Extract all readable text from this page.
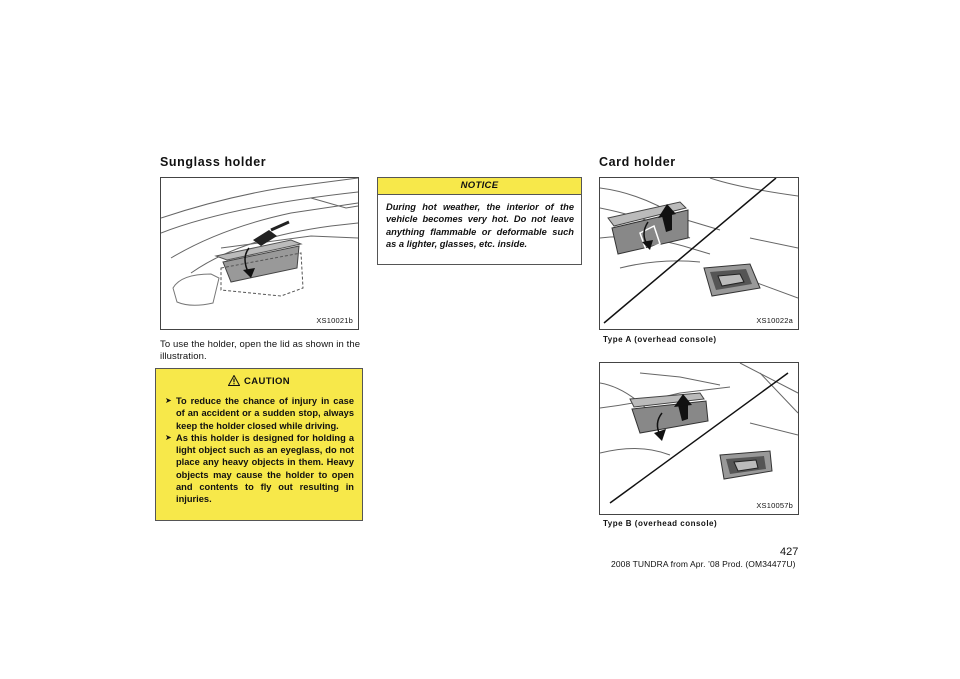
Sunglass holder
XS10021b
To use the holder, open the lid as shown in the illustration.
CAUTION
➤ To reduce the chance of injury in case of an accident or a sudden stop, always keep the holder closed while driving.
➤ As this holder is designed for holding a light object such as an eyeglass, do not place any heavy objects in them. Heavy objects may cause the holder to open and contents to fly out resulting in injuries.
NOTICE
During hot weather, the interior of the vehicle becomes very hot. Do not leave anything flammable or deformable such as a lighter, glasses, etc. inside.
Card holder
XS10022a
Type A (overhead console)
XS10057b
Type B (overhead console)
427
2008 TUNDRA from Apr. ’08 Prod. (OM34477U)
